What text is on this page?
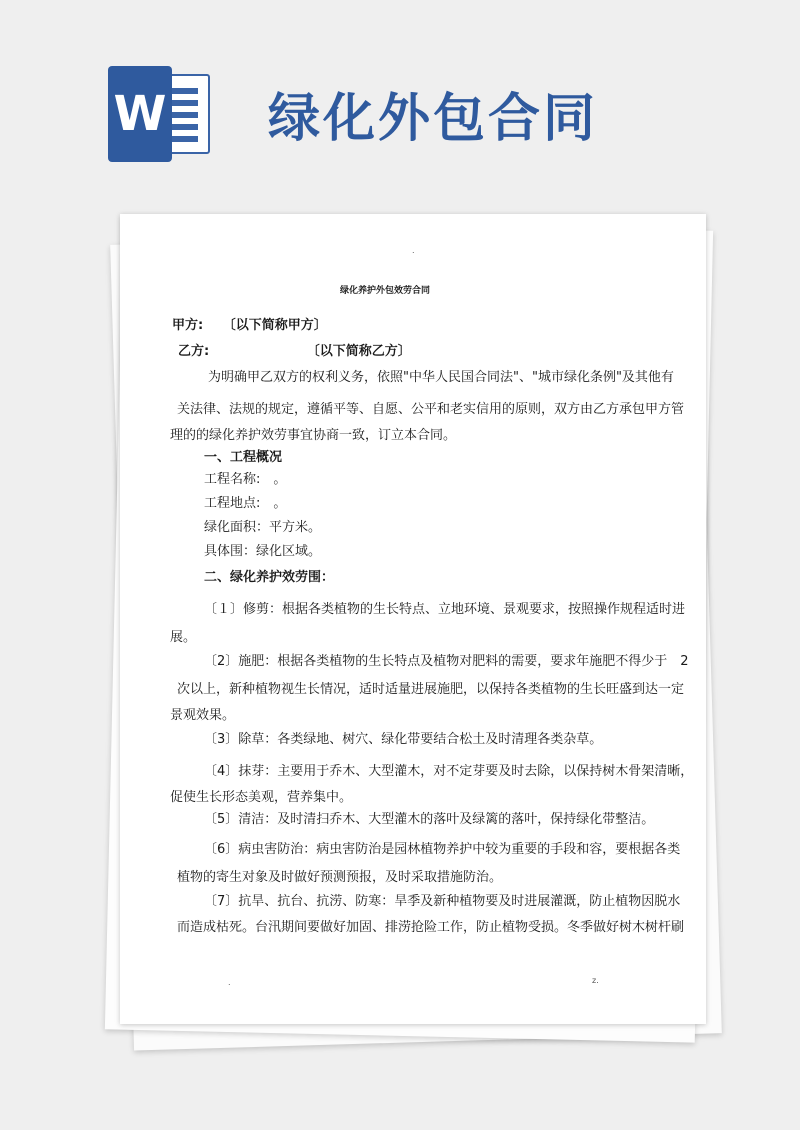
W 绿化外包合同
.
绿化养护外包效劳合同
甲方:　　〔以下简称甲方〕
乙方:　　　　　　　　〔以下简称乙方〕
为明确甲乙双方的权利义务，依照"中华人民国合同法"、"城市绿化条例"及其他有
关法律、法规的规定，遵循平等、自愿、公平和老实信用的原则，双方由乙方承包甲方管
理的的绿化养护效劳事宜协商一致，订立本合同。
一、工程概况
工程名称:　。
工程地点:　。
绿化面积：平方米。
具体围：绿化区域。
二、绿化养护效劳围：
〔１〕修剪：根据各类植物的生长特点、立地环境、景观要求，按照操作规程适时进
展。
〔2〕施肥：根据各类植物的生长特点及植物对肥料的需要，要求年施肥不得少于　2
次以上，新种植物视生长情况，适时适量进展施肥，以保持各类植物的生长旺盛到达一定
景观效果。
〔3〕除草：各类绿地、树穴、绿化带要结合松土及时清理各类杂草。
〔4〕抹芽：主要用于乔木、大型灌木，对不定芽要及时去除，以保持树木骨架清晰，
促使生长形态美观，营养集中。
〔5〕清洁：及时清扫乔木、大型灌木的落叶及绿篱的落叶，保持绿化带整洁。
〔6〕病虫害防治：病虫害防治是园林植物养护中较为重要的手段和容，要根据各类
植物的寄生对象及时做好预测预报，及时采取措施防治。
〔7〕抗旱、抗台、抗涝、防寒：旱季及新种植物要及时进展灌溉，防止植物因脱水
而造成枯死。台汛期间要做好加固、排涝抢险工作，防止植物受损。冬季做好树木树杆刷
.	z.
